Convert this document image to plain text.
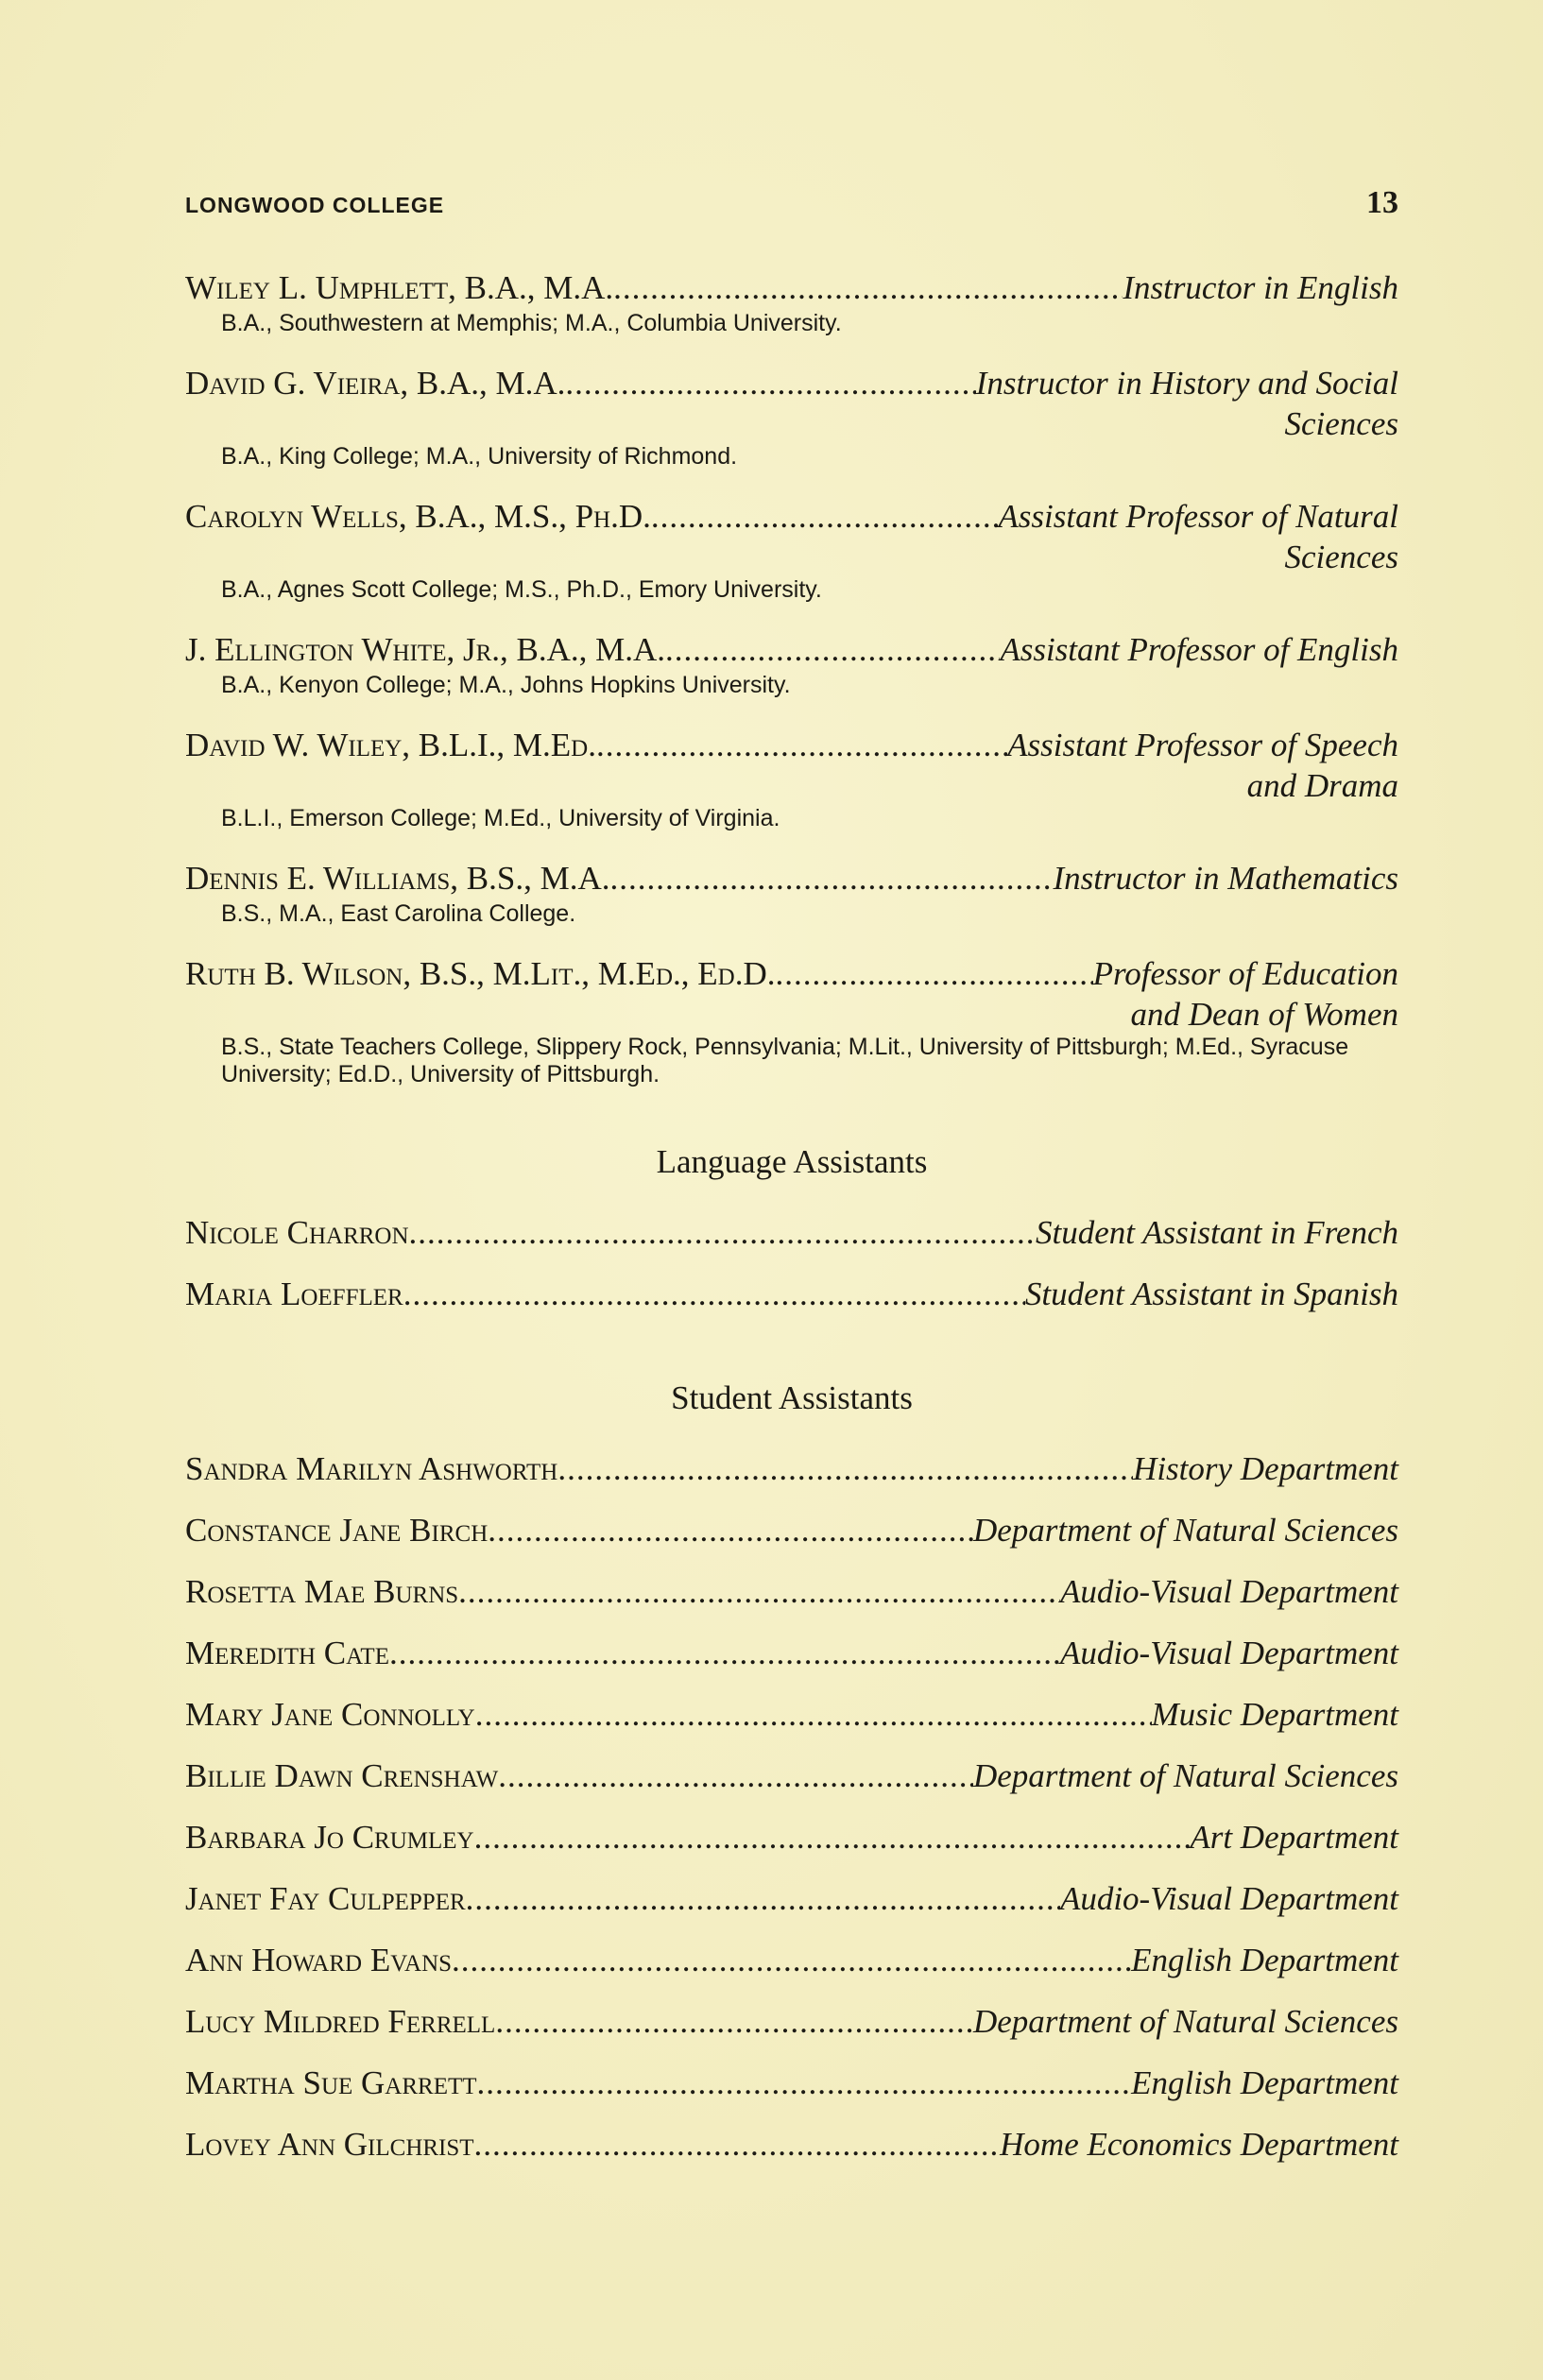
LONGWOOD COLLEGE	13
Wiley L. Umphlett, B.A., M.A. .....	Instructor in English
B.A., Southwestern at Memphis; M.A., Columbia University.
David G. Vieira, B.A., M.A. .....	Instructor in History and Social
Sciences
B.A., King College; M.A., University of Richmond.
Carolyn Wells, B.A., M.S., Ph.D. .....	Assistant Professor of Natural
Sciences
B.A., Agnes Scott College; M.S., Ph.D., Emory University.
J. Ellington White, Jr., B.A., M.A. .....	Assistant Professor of English
B.A., Kenyon College; M.A., Johns Hopkins University.
David W. Wiley, B.L.I., M.Ed. .....	Assistant Professor of Speech
and Drama
B.L.I., Emerson College; M.Ed., University of Virginia.
Dennis E. Williams, B.S., M.A. .....	Instructor in Mathematics
B.S., M.A., East Carolina College.
Ruth B. Wilson, B.S., M.Lit., M.Ed., Ed.D. .....	Professor of Education
and Dean of Women
B.S., State Teachers College, Slippery Rock, Pennsylvania; M.Lit., University of Pittsburgh; M.Ed., Syracuse University; Ed.D., University of Pittsburgh.
Language Assistants
Nicole Charron .....	Student Assistant in French
Maria Loeffler .....	Student Assistant in Spanish
Student Assistants
Sandra Marilyn Ashworth .....	History Department
Constance Jane Birch .....	Department of Natural Sciences
Rosetta Mae Burns .....	Audio-Visual Department
Meredith Cate .....	Audio-Visual Department
Mary Jane Connolly .....	Music Department
Billie Dawn Crenshaw .....	Department of Natural Sciences
Barbara Jo Crumley .....	Art Department
Janet Fay Culpepper .....	Audio-Visual Department
Ann Howard Evans .....	English Department
Lucy Mildred Ferrell .....	Department of Natural Sciences
Martha Sue Garrett .....	English Department
Lovey Ann Gilchrist .....	Home Economics Department
